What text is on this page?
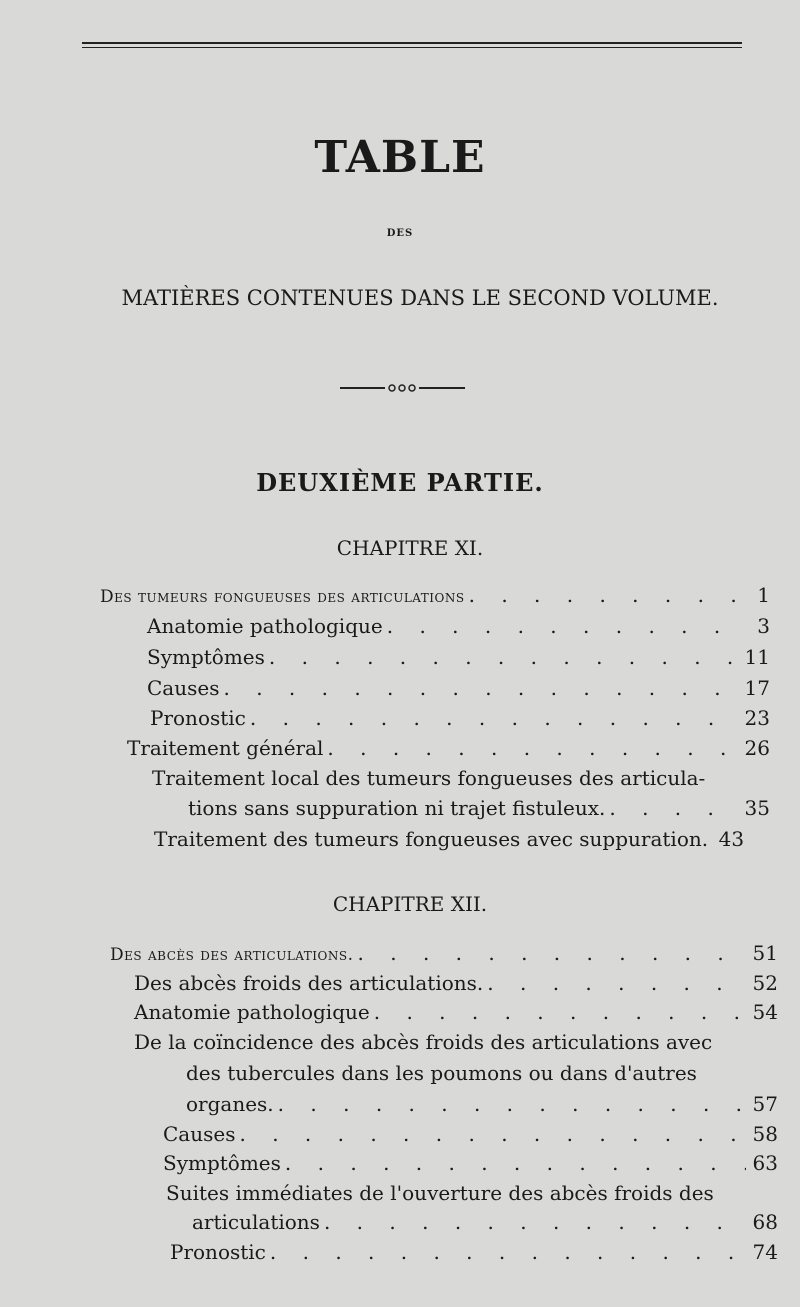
TABLE
DES
MATIÈRES CONTENUES DANS LE SECOND VOLUME.
DEUXIÈME PARTIE.
CHAPITRE XI.
Des tumeurs fongueuses des articulations . . .	1
Anatomie pathologique . . .	3
Symptômes . . .	11
Causes . . .	17
Pronostic . . .	23
Traitement général . . .	26
Traitement local des tumeurs fongueuses des articula-
tions sans suppuration ni trajet fistuleux. . . .	35
Traitement des tumeurs fongueuses avec suppuration. 43
CHAPITRE XII.
Des abcès des articulations. . . .	51
Des abcès froids des articulations. . . .	52
Anatomie pathologique . . .	54
De la coïncidence des abcès froids des articulations avec
des tubercules dans les poumons ou dans d'autres
organes. . . .	57
Causes . . .	58
Symptômes . . .	63
Suites immédiates de l'ouverture des abcès froids des
articulations . . .	68
Pronostic . . .	74
